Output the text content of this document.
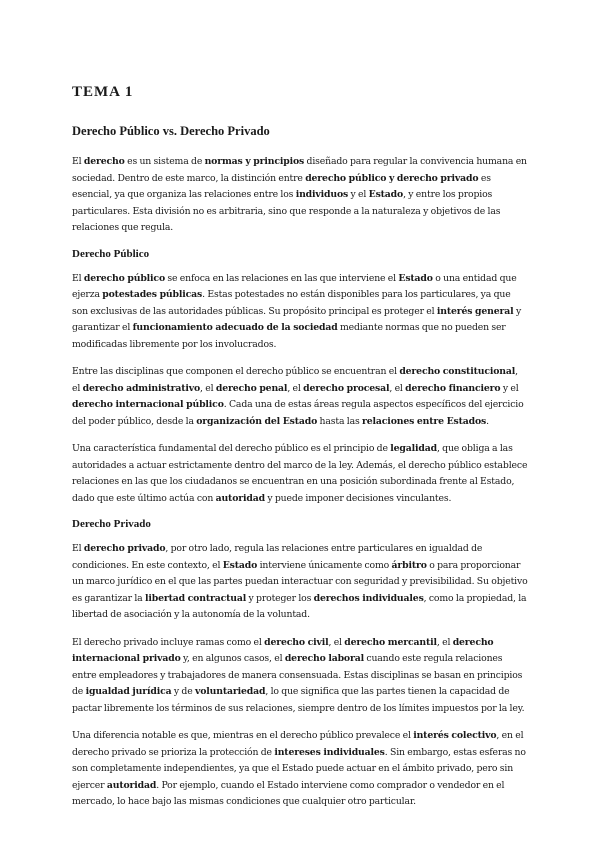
TEMA 1
Derecho Público vs. Derecho Privado

El derecho es un sistema de normas y principios diseñado para regular la convivencia humana en sociedad. Dentro de este marco, la distinción entre derecho público y derecho privado es esencial, ya que organiza las relaciones entre los individuos y el Estado, y entre los propios particulares. Esta división no es arbitraria, sino que responde a la naturaleza y objetivos de las relaciones que regula.

Derecho Público

El derecho público se enfoca en las relaciones en las que interviene el Estado o una entidad que ejerza potestades públicas. Estas potestades no están disponibles para los particulares, ya que son exclusivas de las autoridades públicas. Su propósito principal es proteger el interés general y garantizar el funcionamiento adecuado de la sociedad mediante normas que no pueden ser modificadas libremente por los involucrados.

Entre las disciplinas que componen el derecho público se encuentran el derecho constitucional, el derecho administrativo, el derecho penal, el derecho procesal, el derecho financiero y el derecho internacional público. Cada una de estas áreas regula aspectos específicos del ejercicio del poder público, desde la organización del Estado hasta las relaciones entre Estados.

Una característica fundamental del derecho público es el principio de legalidad, que obliga a las autoridades a actuar estrictamente dentro del marco de la ley. Además, el derecho público establece relaciones en las que los ciudadanos se encuentran en una posición subordinada frente al Estado, dado que este último actúa con autoridad y puede imponer decisiones vinculantes.

Derecho Privado

El derecho privado, por otro lado, regula las relaciones entre particulares en igualdad de condiciones. En este contexto, el Estado interviene únicamente como árbitro o para proporcionar un marco jurídico en el que las partes puedan interactuar con seguridad y previsibilidad. Su objetivo es garantizar la libertad contractual y proteger los derechos individuales, como la propiedad, la libertad de asociación y la autonomía de la voluntad.

El derecho privado incluye ramas como el derecho civil, el derecho mercantil, el derecho internacional privado y, en algunos casos, el derecho laboral cuando este regula relaciones entre empleadores y trabajadores de manera consensuada. Estas disciplinas se basan en principios de igualdad jurídica y de voluntariedad, lo que significa que las partes tienen la capacidad de pactar libremente los términos de sus relaciones, siempre dentro de los límites impuestos por la ley.

Una diferencia notable es que, mientras en el derecho público prevalece el interés colectivo, en el derecho privado se prioriza la protección de intereses individuales. Sin embargo, estas esferas no son completamente independientes, ya que el Estado puede actuar en el ámbito privado, pero sin ejercer autoridad. Por ejemplo, cuando el Estado interviene como comprador o vendedor en el mercado, lo hace bajo las mismas condiciones que cualquier otro particular.
